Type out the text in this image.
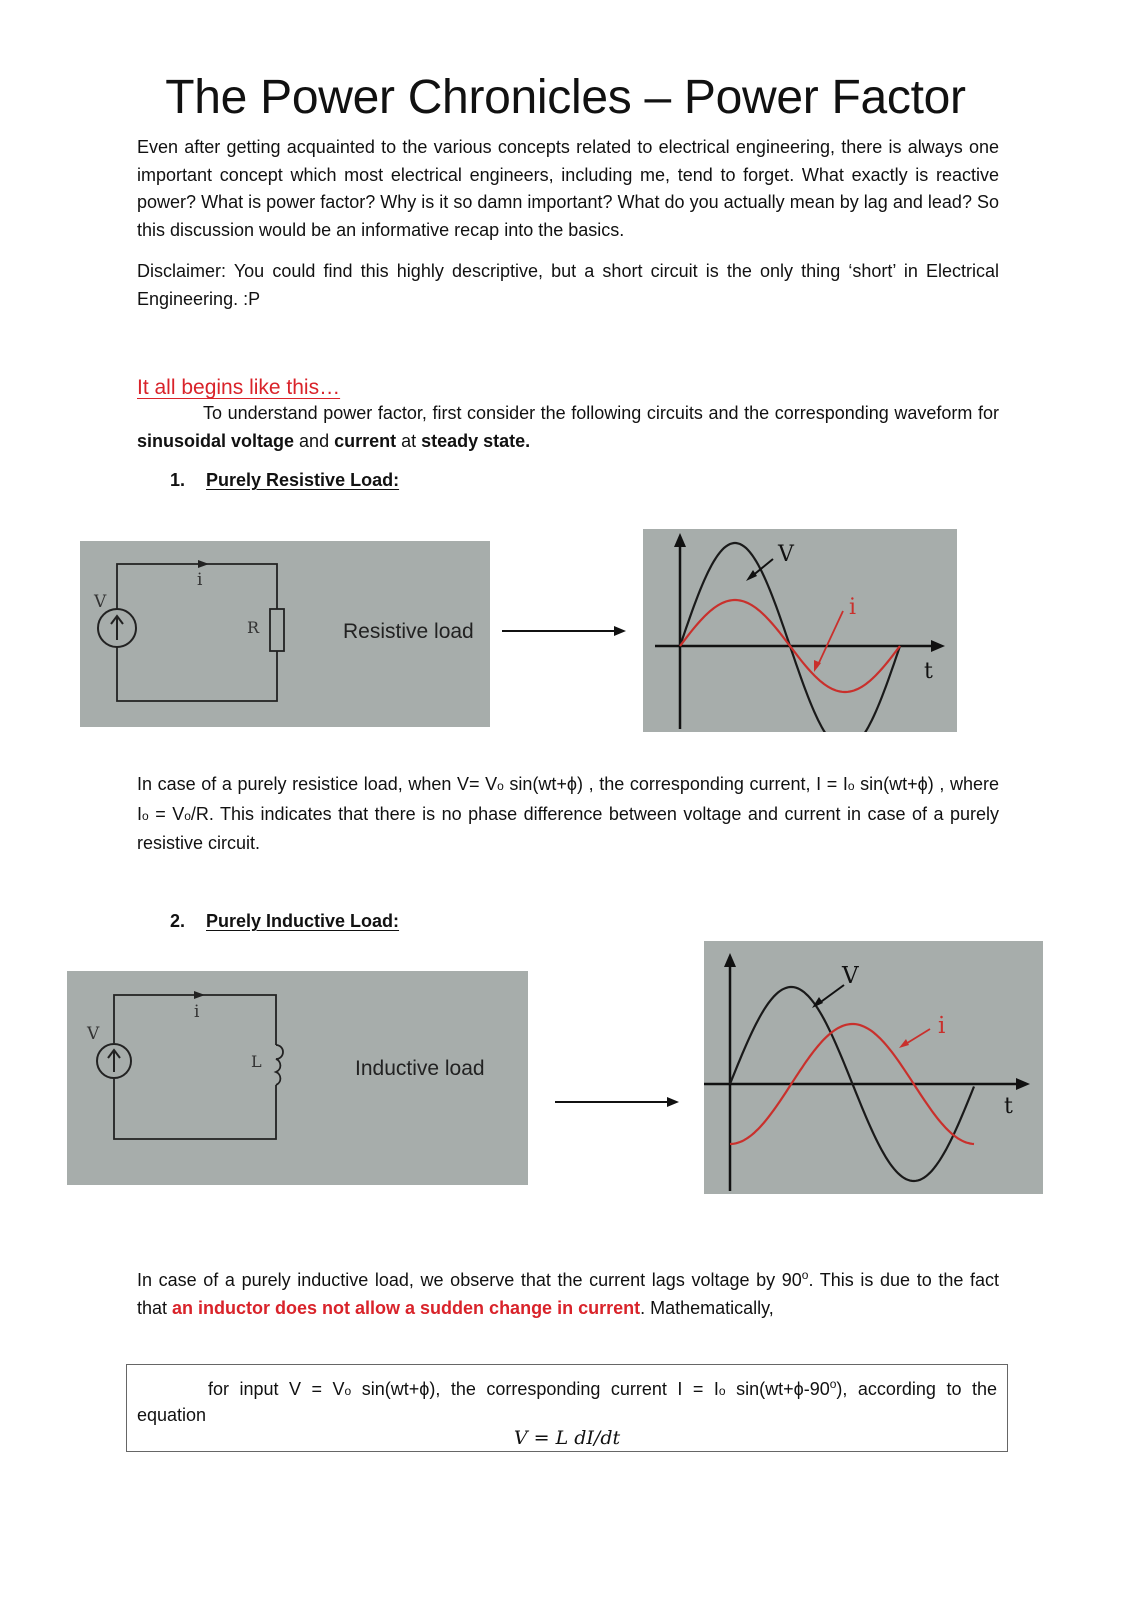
The Power Chronicles – Power Factor

Even after getting acquainted to the various concepts related to electrical engineering, there is always one important concept which most electrical engineers, including me, tend to forget. What exactly is reactive power? What is power factor? Why is it so damn important? What do you actually mean by lag and lead? So this discussion would be an informative recap into the basics.

Disclaimer: You could find this highly descriptive, but a short circuit is the only thing ‘short’ in Electrical Engineering. :P

It all begins like this…

To understand power factor, first consider the following circuits and the corresponding waveform for sinusoidal voltage and current at steady state.

1. Purely Resistive Load:

V
i
R	Resistive load
V
i
t

In case of a purely resistice load, when V= Vo sin(wt+ϕ) , the corresponding current, I = Io sin(wt+ϕ) , where Io = Vo/R. This indicates that there is no phase difference between voltage and current in case of a purely resistive circuit.

2. Purely Inductive Load:

V
i
L	Inductive load
V
i
t

In case of a purely inductive load, we observe that the current lags voltage by 90$^o$. This is due to the fact that an inductor does not allow a sudden change in current. Mathematically,

for input V = Vo sin(wt+ϕ), the corresponding current I = Io $\sin(wt+\phi-90^o)$, according to the

equation

V = L dI/dt
